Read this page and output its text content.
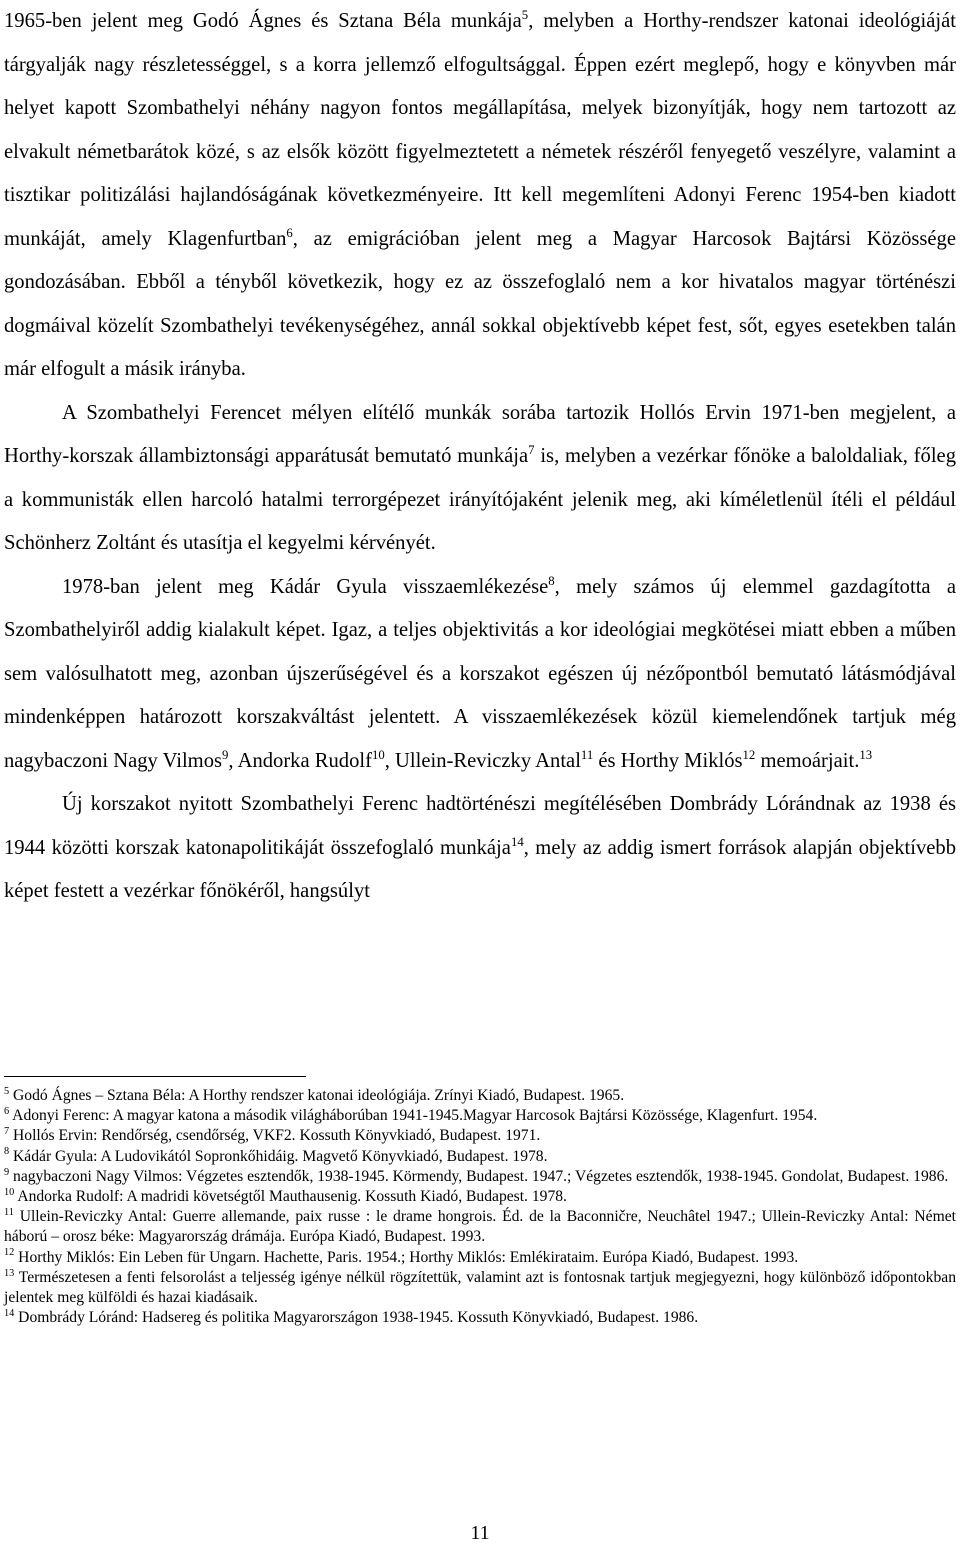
1965-ben jelent meg Godó Ágnes és Sztana Béla munkája$^5$, melyben a Horthy-rendszer katonai ideológiáját tárgyalják nagy részletességgel, s a korra jellemző elfogultsággal. Éppen ezért meglepő, hogy e könyvben már helyet kapott Szombathelyi néhány nagyon fontos megállapítása, melyek bizonyítják, hogy nem tartozott az elvakult németbarátok közé, s az elsők között figyelmeztetett a németek részéről fenyegető veszélyre, valamint a tisztikar politizálási hajlandóságának következményeire. Itt kell megemlíteni Adonyi Ferenc 1954-ben kiadott munkáját, amely Klagenfurtban$^6$, az emigrációban jelent meg a Magyar Harcosok Bajtársi Közössége gondozásában. Ebből a tényből következik, hogy ez az összefoglaló nem a kor hivatalos magyar történészi dogmáival közelít Szombathelyi tevékenységéhez, annál sokkal objektívebb képet fest, sőt, egyes esetekben talán már elfogult a másik irányba.

A Szombathelyi Ferencet mélyen elítélő munkák sorába tartozik Hollós Ervin 1971-ben megjelent, a Horthy-korszak állambiztonsági apparátusát bemutató munkája$^7$ is, melyben a vezérkar főnöke a baloldaliak, főleg a kommunisták ellen harcoló hatalmi terrorgépezet irányítójaként jelenik meg, aki kíméletlenül ítéli el például Schönherz Zoltánt és utasítja el kegyelmi kérvényét.

1978-ban jelent meg Kádár Gyula visszaemlékezése$^8$, mely számos új elemmel gazdagította a Szombathelyiről addig kialakult képet. Igaz, a teljes objektivitás a kor ideológiai megkötései miatt ebben a műben sem valósulhatott meg, azonban újszerűségével és a korszakot egészen új nézőpontból bemutató látásmódjával mindenképpen határozott korszakváltást jelentett. A visszaemlékezések közül kiemelendőnek tartjuk még nagybaczoni Nagy Vilmos$^9$, Andorka Rudolf$^{10}$, Ullein-Reviczky Antal$^{11}$ és Horthy Miklós$^{12}$ memoárjait.$^{13}$

Új korszakot nyitott Szombathelyi Ferenc hadtörténészi megítélésében Dombrády Lórándnak az 1938 és 1944 közötti korszak katonapolitikáját összefoglaló munkája$^{14}$, mely az addig ismert források alapján objektívebb képet festett a vezérkar főnökéről, hangsúlyt

$^5$ Godó Ágnes – Sztana Béla: A Horthy rendszer katonai ideológiája. Zrínyi Kiadó, Budapest. 1965.

$^6$ Adonyi Ferenc: A magyar katona a második világháborúban 1941-1945.Magyar Harcosok Bajtársi Közössége, Klagenfurt. 1954.

$^7$ Hollós Ervin: Rendőrség, csendőrség, VKF2. Kossuth Könyvkiadó, Budapest. 1971.

$^8$ Kádár Gyula: A Ludovikától Sopronkőhidáig. Magvető Könyvkiadó, Budapest. 1978.

$^9$ nagybaczoni Nagy Vilmos: Végzetes esztendők, 1938-1945. Körmendy, Budapest. 1947.; Végzetes esztendők, 1938-1945. Gondolat, Budapest. 1986.

$^{10}$ Andorka Rudolf: A madridi követségtől Mauthausenig. Kossuth Kiadó, Budapest. 1978.

$^{11}$ Ullein-Reviczky Antal: Guerre allemande, paix russe : le drame hongrois. Éd. de la Baconničre, Neuchâtel 1947.; Ullein-Reviczky Antal: Német háború – orosz béke: Magyarország drámája. Európa Kiadó, Budapest. 1993.

$^{12}$ Horthy Miklós: Ein Leben für Ungarn. Hachette, Paris. 1954.; Horthy Miklós: Emlékirataim. Európa Kiadó, Budapest. 1993.

$^{13}$ Természetesen a fenti felsorolást a teljesség igénye nélkül rögzítettük, valamint azt is fontosnak tartjuk megjegyezni, hogy különböző időpontokban jelentek meg külföldi és hazai kiadásaik.

$^{14}$ Dombrády Lóránd: Hadsereg és politika Magyarországon 1938-1945. Kossuth Könyvkiadó, Budapest. 1986.

11
